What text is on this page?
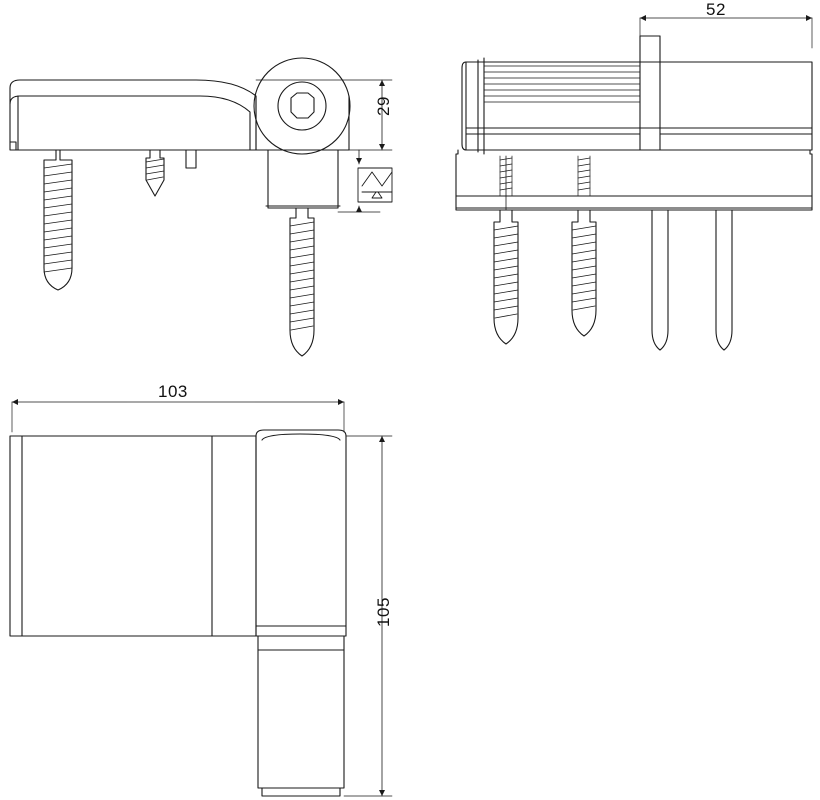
29
52
103
105
